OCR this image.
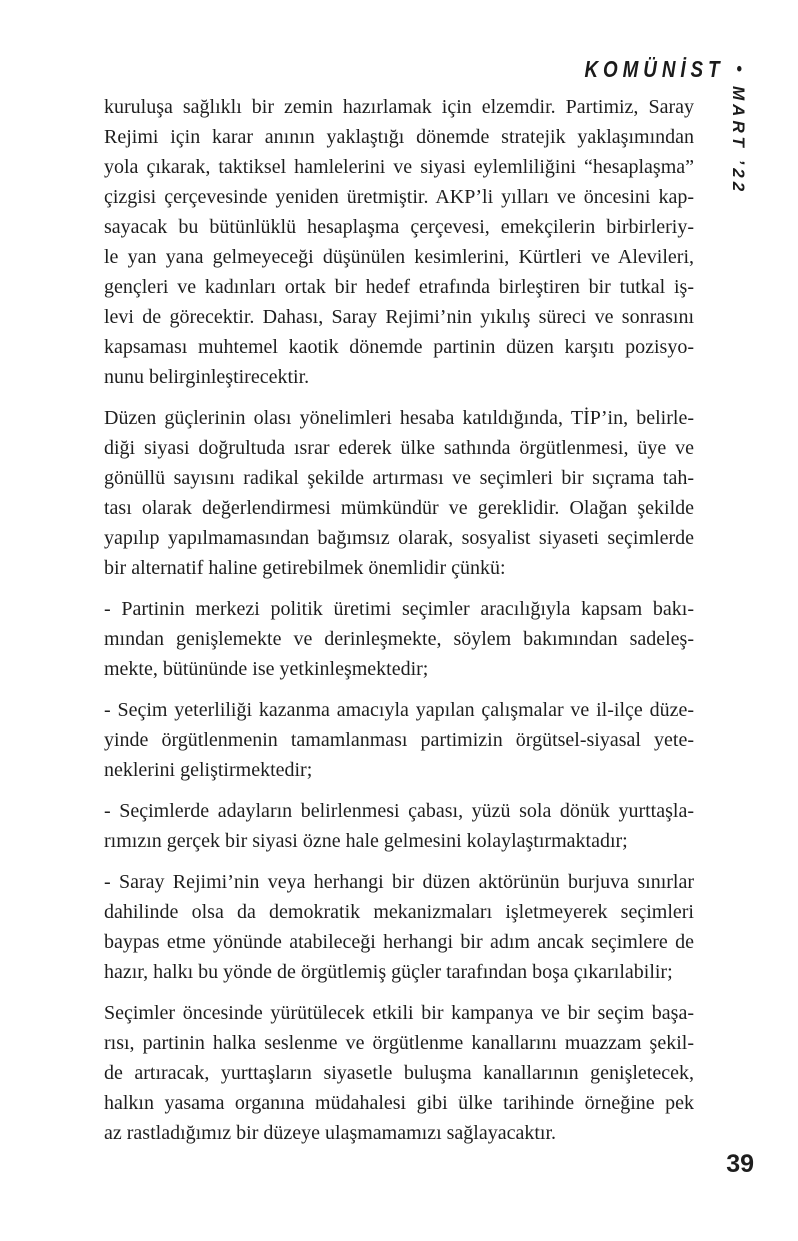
KOMÜNİST •
MART ’22
kuruluşa sağlıklı bir zemin hazırlamak için elzemdir. Partimiz, Saray
Rejimi için karar anının yaklaştığı dönemde stratejik yaklaşımından
yola çıkarak, taktiksel hamlelerini ve siyasi eylemliliğini “hesaplaşma”
çizgisi çerçevesinde yeniden üretmiştir. AKP’li yılları ve öncesini kap-
sayacak bu bütünlüklü hesaplaşma çerçevesi, emekçilerin birbirleriy-
le yan yana gelmeyeceği düşünülen kesimlerini, Kürtleri ve Alevileri,
gençleri ve kadınları ortak bir hedef etrafında birleştiren bir tutkal iş-
levi de görecektir. Dahası, Saray Rejimi’nin yıkılış süreci ve sonrasını
kapsaması muhtemel kaotik dönemde partinin düzen karşıtı pozisyo-
nunu belirginleştirecektir.
Düzen güçlerinin olası yönelimleri hesaba katıldığında, TİP’in, belirle-
diği siyasi doğrultuda ısrar ederek ülke sathında örgütlenmesi, üye ve
gönüllü sayısını radikal şekilde artırması ve seçimleri bir sıçrama tah-
tası olarak değerlendirmesi mümkündür ve gereklidir. Olağan şekilde
yapılıp yapılmamasından bağımsız olarak, sosyalist siyaseti seçimlerde
bir alternatif haline getirebilmek önemlidir çünkü:
- Partinin merkezi politik üretimi seçimler aracılığıyla kapsam bakı-
mından genişlemekte ve derinleşmekte, söylem bakımından sadeleş-
mekte, bütününde ise yetkinleşmektedir;
- Seçim yeterliliği kazanma amacıyla yapılan çalışmalar ve il-ilçe düze-
yinde örgütlenmenin tamamlanması partimizin örgütsel-siyasal yete-
neklerini geliştirmektedir;
- Seçimlerde adayların belirlenmesi çabası, yüzü sola dönük yurttaşla-
rımızın gerçek bir siyasi özne hale gelmesini kolaylaştırmaktadır;
- Saray Rejimi’nin veya herhangi bir düzen aktörünün burjuva sınırlar
dahilinde olsa da demokratik mekanizmaları işletmeyerek seçimleri
baypas etme yönünde atabileceği herhangi bir adım ancak seçimlere de
hazır, halkı bu yönde de örgütlemiş güçler tarafından boşa çıkarılabilir;
Seçimler öncesinde yürütülecek etkili bir kampanya ve bir seçim başa-
rısı, partinin halka seslenme ve örgütlenme kanallarını muazzam şekil-
de artıracak, yurttaşların siyasetle buluşma kanallarının genişletecek,
halkın yasama organına müdahalesi gibi ülke tarihinde örneğine pek
az rastladığımız bir düzeye ulaşmamamızı sağlayacaktır.
39
